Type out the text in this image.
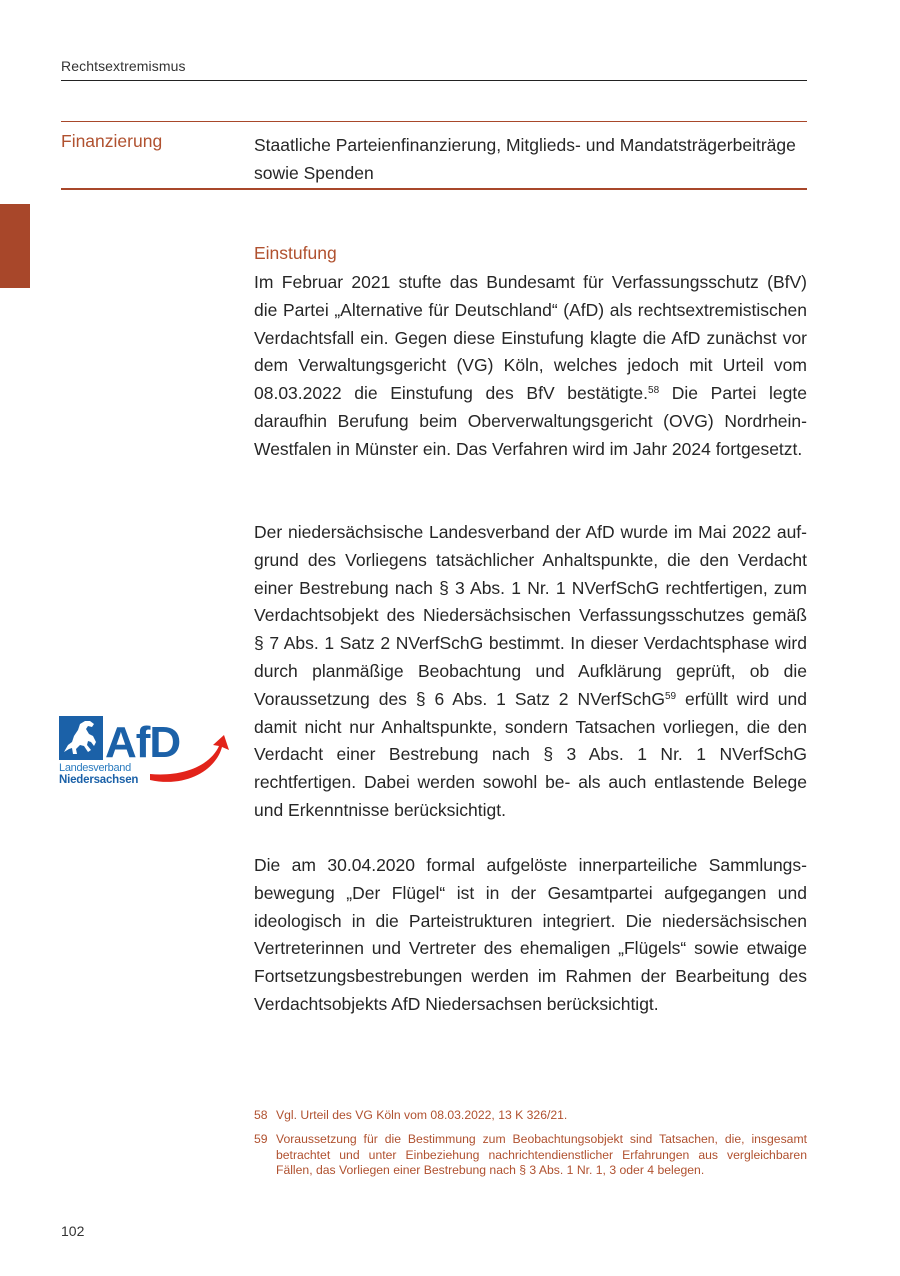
Rechtsextremismus
Finanzierung	Staatliche Parteienfinanzierung, Mitglieds- und Mandatsträgerbeiträge sowie Spenden
Einstufung
Im Februar 2021 stufte das Bundesamt für Verfassungsschutz (BfV) die Partei „Alternative für Deutschland“ (AfD) als rechtsextremistischen Verdachtsfall ein. Gegen diese Einstufung klagte die AfD zunächst vor dem Verwaltungsgericht (VG) Köln, welches jedoch mit Urteil vom 08.03.2022 die Einstufung des BfV bestätigte.$^{58}$ Die Partei legte daraufhin Berufung beim Oberverwaltungsgericht (OVG) Nordrhein-Westfalen in Münster ein. Das Verfahren wird im Jahr 2024 fortgesetzt.
Der niedersächsische Landesverband der AfD wurde im Mai 2022 aufgrund des Vorliegens tatsächlicher Anhaltspunkte, die den Verdacht einer Bestrebung nach § 3 Abs. 1 Nr. 1 NVerfSchG rechtfertigen, zum Verdachtsobjekt des Niedersächsischen Verfassungsschutzes gemäß § 7 Abs. 1 Satz 2 NVerfSchG bestimmt. In dieser Verdachtsphase wird durch planmäßige Beobachtung und Aufklärung geprüft, ob die Voraussetzung des § 6 Abs. 1 Satz 2 NVerfSchG$^{59}$ erfüllt wird und damit nicht nur Anhaltspunkte, sondern Tatsachen vorliegen, die den Verdacht einer Bestrebung nach § 3 Abs. 1 Nr. 1 NVerfSchG rechtfertigen. Dabei werden sowohl be- als auch entlastende Belege und Erkenntnisse berücksichtigt.
Die am 30.04.2020 formal aufgelöste innerparteiliche Sammlungsbewegung „Der Flügel“ ist in der Gesamtpartei aufgegangen und ideologisch in die Parteistrukturen integriert. Die niedersächsischen Vertreterinnen und Vertreter des ehemaligen „Flügels“ sowie etwaige Fortsetzungsbestrebungen werden im Rahmen der Bearbeitung des Verdachtsobjekts AfD Niedersachsen berücksichtigt.
AfD
Landesverband
Niedersachsen
58 Vgl. Urteil des VG Köln vom 08.03.2022, 13 K 326/21.
59 Voraussetzung für die Bestimmung zum Beobachtungsobjekt sind Tatsachen, die, insgesamt betrachtet und unter Einbeziehung nachrichtendienstlicher Erfahrungen aus vergleichbaren Fällen, das Vorliegen einer Bestrebung nach § 3 Abs. 1 Nr. 1, 3 oder 4 belegen.
102
